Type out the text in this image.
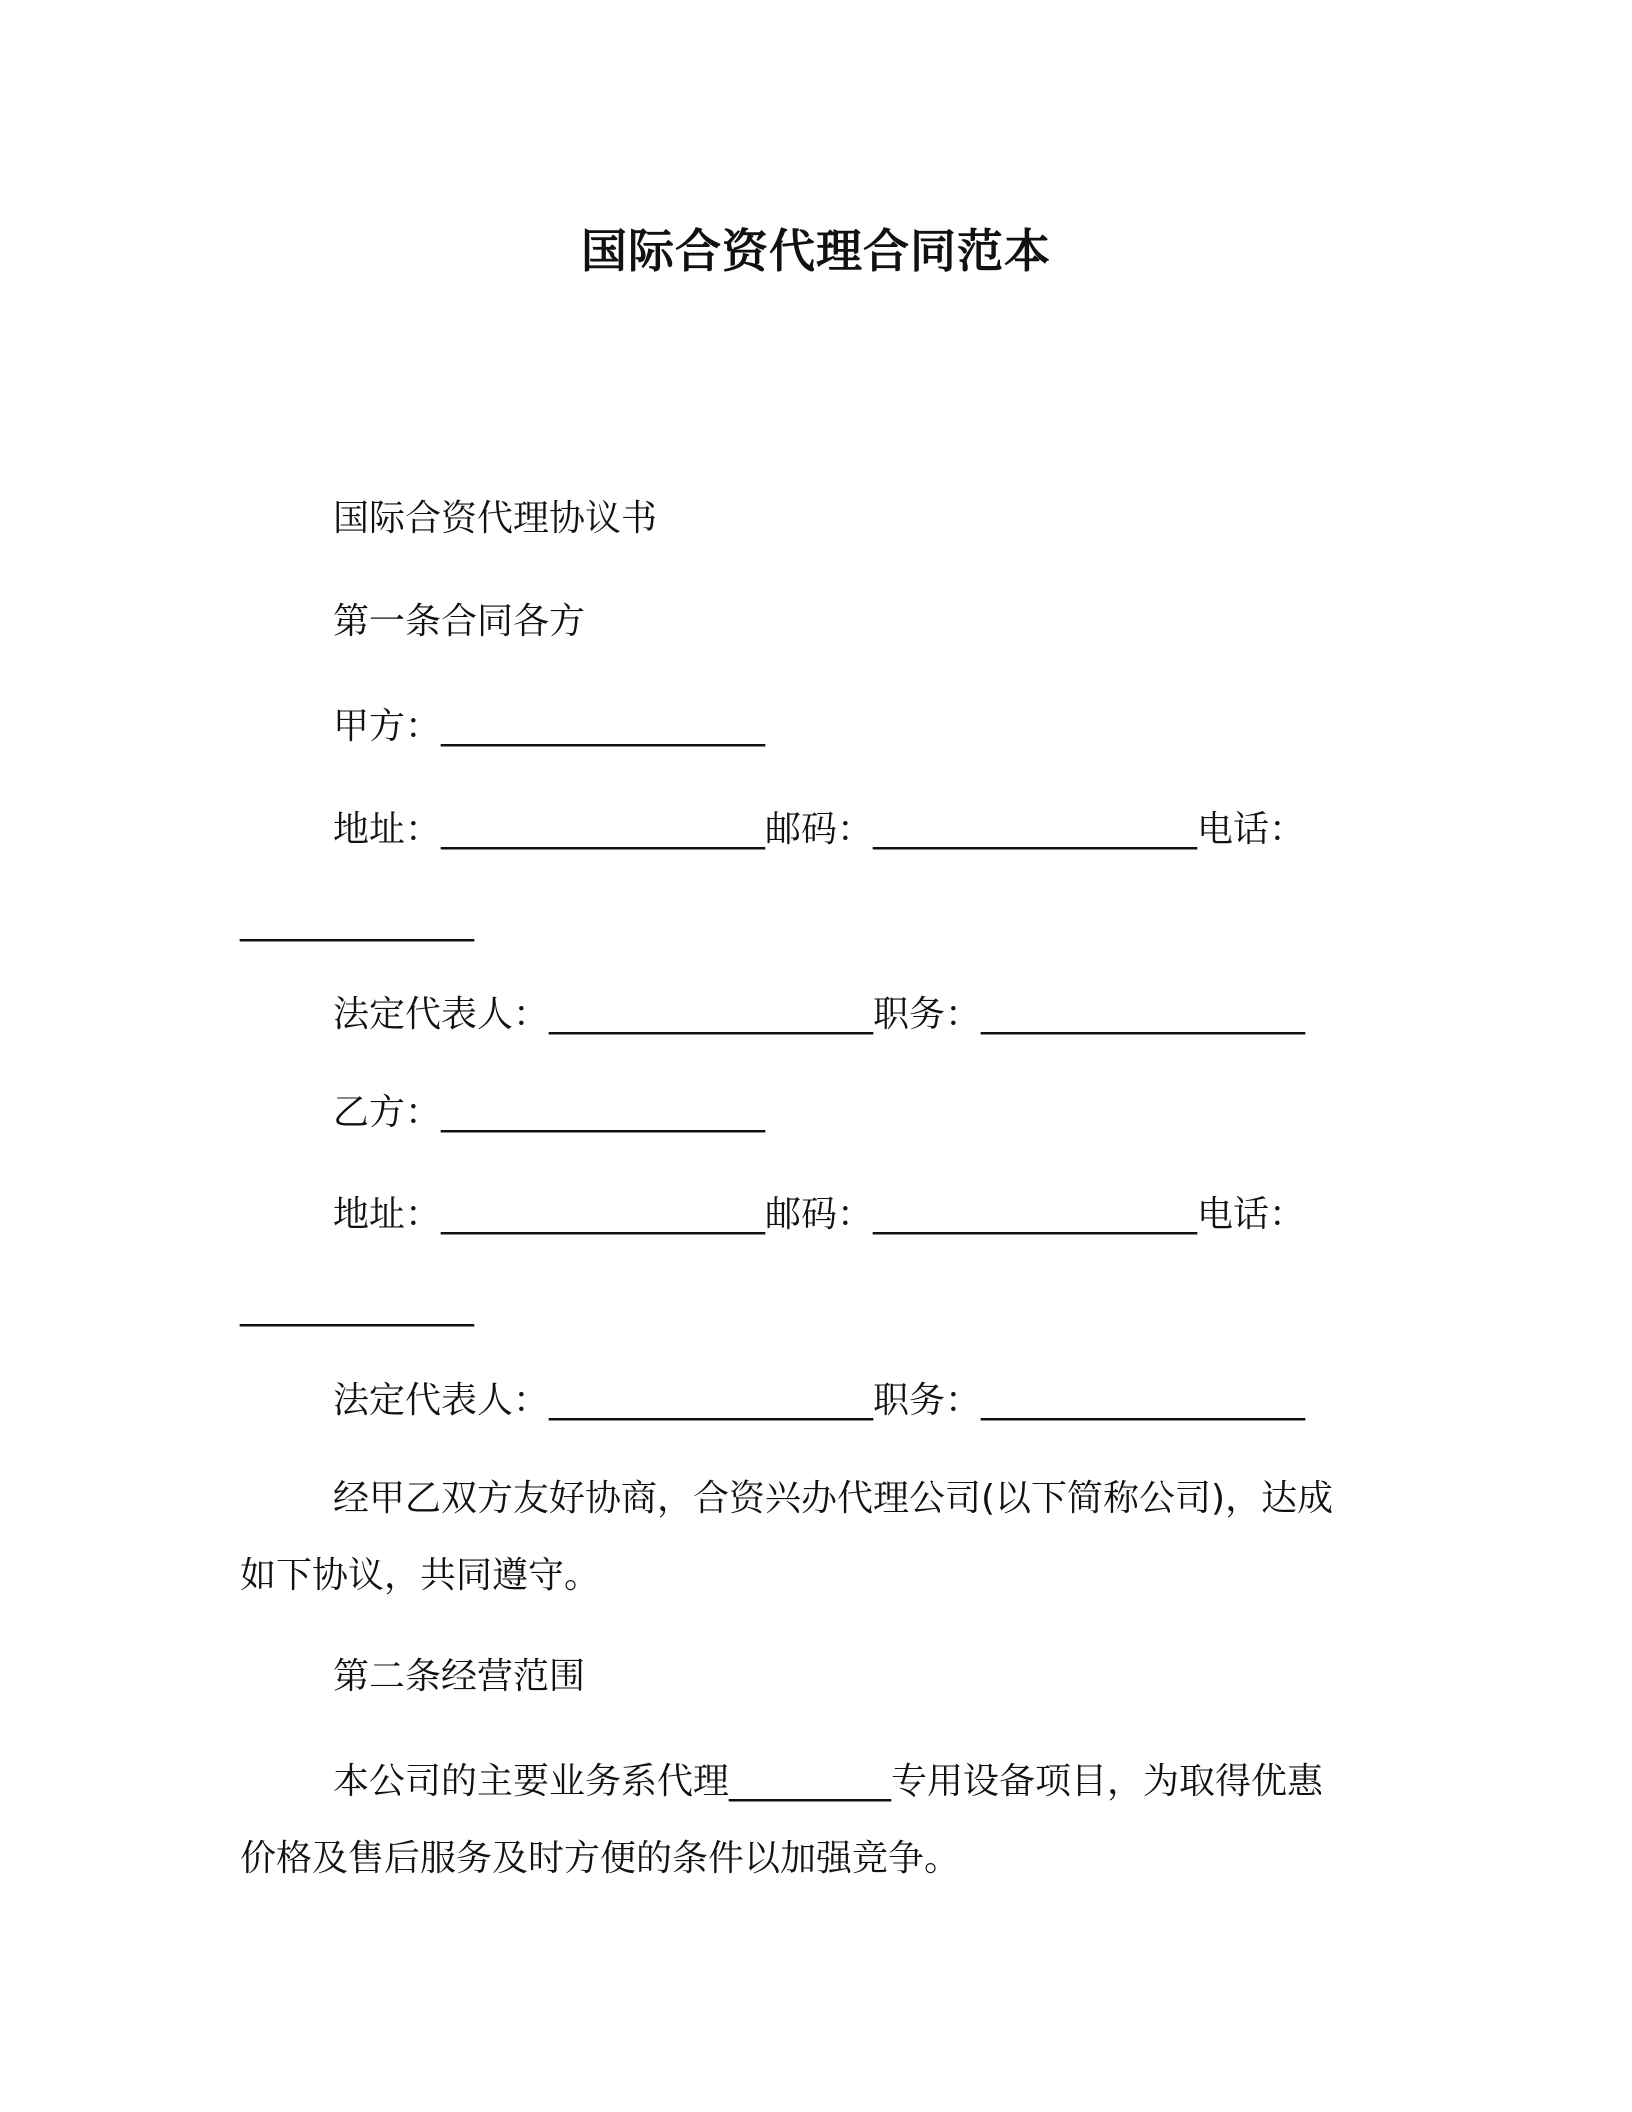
国际合资代理合同范本

国际合资代理协议书

第一条合同各方

甲方：__________________

地址：__________________邮码：__________________电话：

_____________

法定代表人：__________________职务：__________________

乙方：__________________

地址：__________________邮码：__________________电话：

_____________

法定代表人：__________________职务：__________________

经甲乙双方友好协商，合资兴办代理公司(以下简称公司)，达成

如下协议，共同遵守。

第二条经营范围

本公司的主要业务系代理_________专用设备项目，为取得优惠

价格及售后服务及时方便的条件以加强竞争。
